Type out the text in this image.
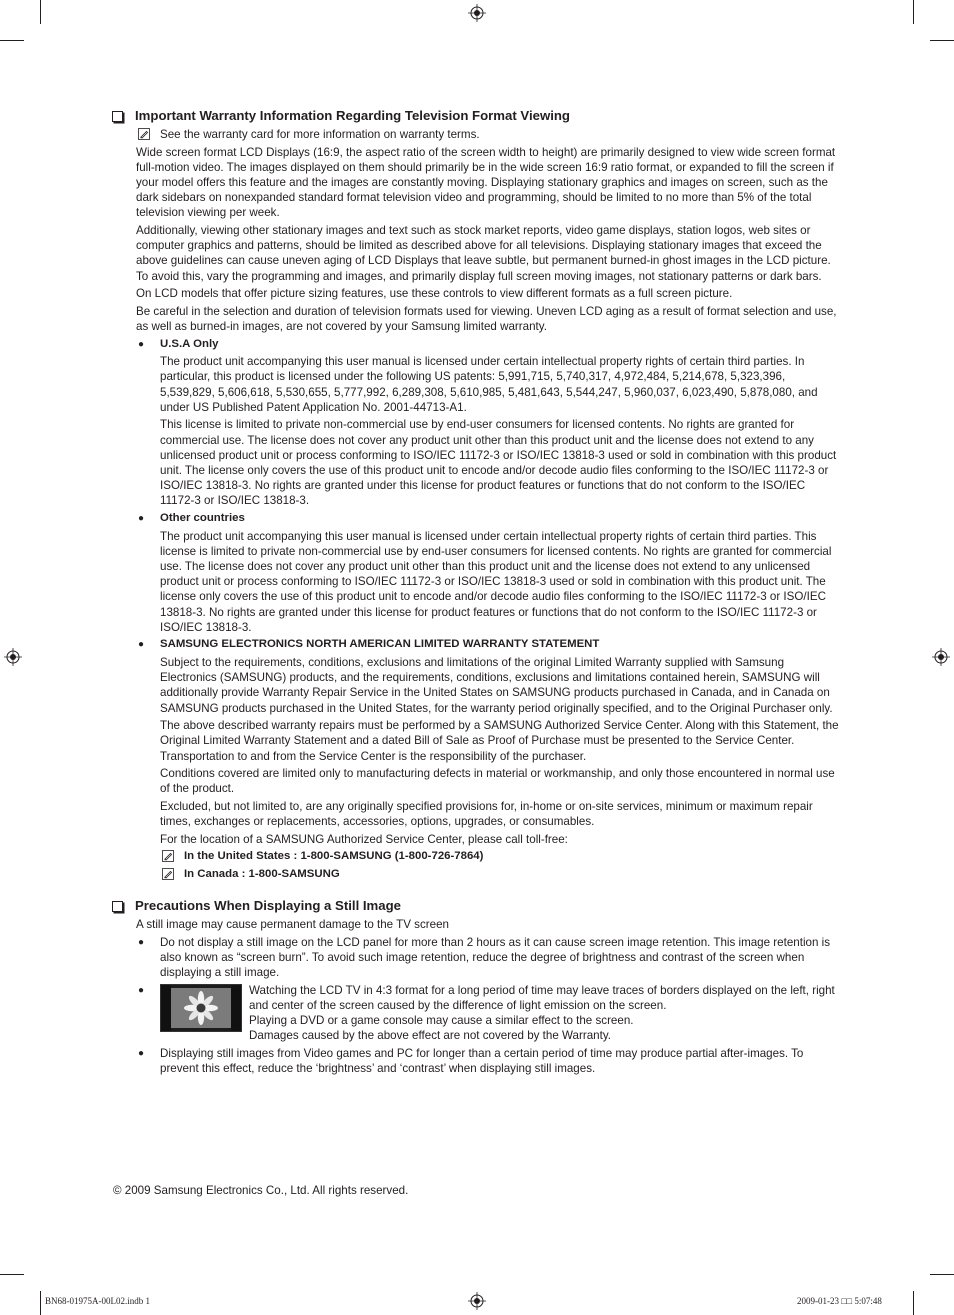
Important Warranty Information Regarding Television Format Viewing
See the warranty card for more information on warranty terms.

Wide screen format LCD Displays (16:9, the aspect ratio of the screen width to height) are primarily designed to view wide screen format full-motion video. The images displayed on them should primarily be in the wide screen 16:9 ratio format, or expanded to fill the screen if your model offers this feature and the images are constantly moving. Displaying stationary graphics and images on screen, such as the dark sidebars on nonexpanded standard format television video and programming, should be limited to no more than 5% of the total television viewing per week.

Additionally, viewing other stationary images and text such as stock market reports, video game displays, station logos, web sites or computer graphics and patterns, should be limited as described above for all televisions. Displaying stationary images that exceed the above guidelines can cause uneven aging of LCD Displays that leave subtle, but permanent burned-in ghost images in the LCD picture. To avoid this, vary the programming and images, and primarily display full screen moving images, not stationary patterns or dark bars.

On LCD models that offer picture sizing features, use these controls to view different formats as a full screen picture.

Be careful in the selection and duration of television formats used for viewing. Uneven LCD aging as a result of format selection and use, as well as burned-in images, are not covered by your Samsung limited warranty.

●	U.S.A Only

The product unit accompanying this user manual is licensed under certain intellectual property rights of certain third parties. In particular, this product is licensed under the following US patents: 5,991,715, 5,740,317, 4,972,484, 5,214,678, 5,323,396, 5,539,829, 5,606,618, 5,530,655, 5,777,992, 6,289,308, 5,610,985, 5,481,643, 5,544,247, 5,960,037, 6,023,490, 5,878,080, and under US Published Patent Application No. 2001-44713-A1.

This license is limited to private non-commercial use by end-user consumers for licensed contents. No rights are granted for commercial use. The license does not cover any product unit other than this product unit and the license does not extend to any unlicensed product unit or process conforming to ISO/IEC 11172-3 or ISO/IEC 13818-3 used or sold in combination with this product unit. The license only covers the use of this product unit to encode and/or decode audio files conforming to the ISO/IEC 11172-3 or ISO/IEC 13818-3. No rights are granted under this license for product features or functions that do not conform to the ISO/IEC 11172-3 or ISO/IEC 13818-3.

●	Other countries

The product unit accompanying this user manual is licensed under certain intellectual property rights of certain third parties. This license is limited to private non-commercial use by end-user consumers for licensed contents. No rights are granted for commercial use. The license does not cover any product unit other than this product unit and the license does not extend to any unlicensed product unit or process conforming to ISO/IEC 11172-3 or ISO/IEC 13818-3 used or sold in combination with this product unit. The license only covers the use of this product unit to encode and/or decode audio files conforming to the ISO/IEC 11172-3 or ISO/IEC 13818-3. No rights are granted under this license for product features or functions that do not conform to the ISO/IEC 11172-3 or ISO/IEC 13818-3.

●	SAMSUNG ELECTRONICS NORTH AMERICAN LIMITED WARRANTY STATEMENT

Subject to the requirements, conditions, exclusions and limitations of the original Limited Warranty supplied with Samsung Electronics (SAMSUNG) products, and the requirements, conditions, exclusions and limitations contained herein, SAMSUNG will additionally provide Warranty Repair Service in the United States on SAMSUNG products purchased in Canada, and in Canada on SAMSUNG products purchased in the United States, for the warranty period originally specified, and to the Original Purchaser only.

The above described warranty repairs must be performed by a SAMSUNG Authorized Service Center. Along with this Statement, the Original Limited Warranty Statement and a dated Bill of Sale as Proof of Purchase must be presented to the Service Center. Transportation to and from the Service Center is the responsibility of the purchaser.

Conditions covered are limited only to manufacturing defects in material or workmanship, and only those encountered in normal use of the product.

Excluded, but not limited to, are any originally specified provisions for, in-home or on-site services, minimum or maximum repair times, exchanges or replacements, accessories, options, upgrades, or consumables.

For the location of a SAMSUNG Authorized Service Center, please call toll-free:

In the United States : 1-800-SAMSUNG (1-800-726-7864)
In Canada : 1-800-SAMSUNG
Precautions When Displaying a Still Image

A still image may cause permanent damage to the TV screen

●	Do not display a still image on the LCD panel for more than 2 hours as it can cause screen image retention. This image retention is also known as “screen burn”. To avoid such image retention, reduce the degree of brightness and contrast of the screen when displaying a still image.
●	Watching the LCD TV in 4:3 format for a long period of time may leave traces of borders displayed on the left, right and center of the screen caused by the difference of light emission on the screen.
Playing a DVD or a game console may cause a similar effect to the screen.
Damages caused by the above effect are not covered by the Warranty.
●	Displaying still images from Video games and PC for longer than a certain period of time may produce partial after-images. To prevent this effect, reduce the ‘brightness’ and ‘contrast’ when displaying still images.
© 2009 Samsung Electronics Co., Ltd. All rights reserved.
BN68-01975A-00L02.indb 1	2009-01-23 □□ 5:07:48
